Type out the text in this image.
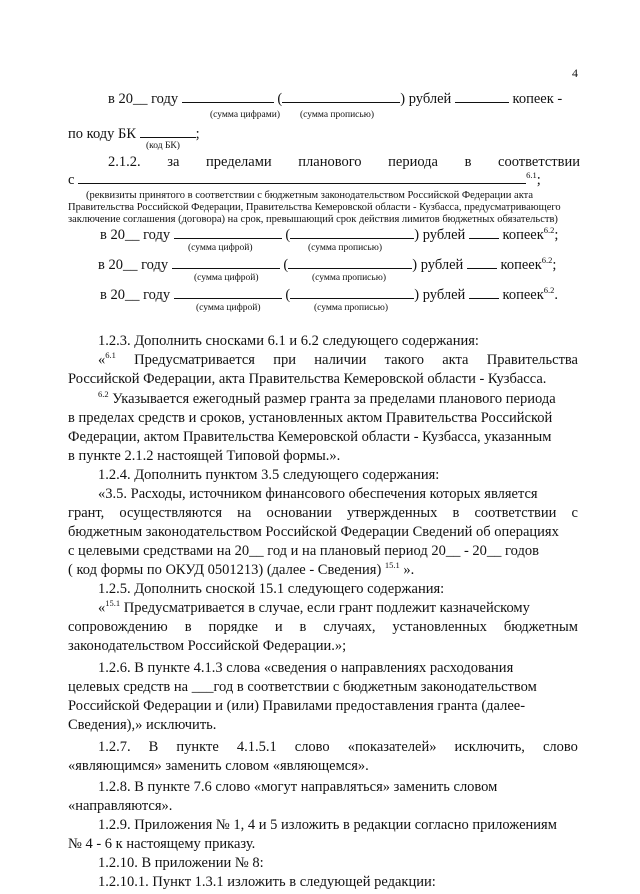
4
в 20__ году	(	) рублей	копеек -
(сумма цифрами) (сумма прописью)
по коду БК	;
(код БК)
2.1.2. за пределами планового периода в соответствии
с	$^{6.1}$;
(реквизиты принятого в соответствии с бюджетным законодательством Российской Федерации акта
Правительства Российской Федерации, Правительства Кемеровской области - Кузбасса, предусматривающего
заключение соглашения (договора) на срок, превышающий срок действия лимитов бюджетных обязательств)
в 20__ году	(	) рублей	копеек$^{6.2}$;
(сумма цифрой)	(сумма прописью)
в 20__ году	(	) рублей	копеек$^{6.2}$;
(сумма цифрой)	(сумма прописью)
в 20__ году	(	) рублей	копеек$^{6.2}$.
(сумма цифрой)	(сумма прописью)
1.2.3. Дополнить сносками 6.1 и 6.2 следующего содержания:
«$^{6.1}$ Предусматривается при наличии такого акта Правительства
Российской Федерации, акта Правительства Кемеровской области - Кузбасса.
$^{6.2}$ Указывается ежегодный размер гранта за пределами планового периода
в пределах средств и сроков, установленных актом Правительства Российской
Федерации, актом Правительства Кемеровской области - Кузбасса, указанным
в пункте 2.1.2 настоящей Типовой формы.».
1.2.4. Дополнить пунктом 3.5 следующего содержания:
«3.5. Расходы, источником финансового обеспечения которых является
грант, осуществляются на основании утвержденных в соответствии с
бюджетным законодательством Российской Федерации Сведений об операциях
с целевыми средствами на 20__ год и на плановый период 20__ - 20__ годов
( код формы по ОКУД 0501213) (далее - Сведения) $^{15.1}$ ».
1.2.5. Дополнить сноской 15.1 следующего содержания:
«$^{15.1}$ Предусматривается в случае, если грант подлежит казначейскому
сопровождению в порядке и в случаях, установленных бюджетным
законодательством Российской Федерации.»;
1.2.6. В пункте 4.1.3 слова «сведения о направлениях расходования
целевых средств на ___год в соответствии с бюджетным законодательством
Российской Федерации и (или) Правилами предоставления гранта (далее-
Сведения),» исключить.
1.2.7. В пункте 4.1.5.1 слово «показателей» исключить, слово
«являющимся» заменить словом «являющемся».
1.2.8. В пункте 7.6 слово «могут направляться» заменить словом
«направляются».
1.2.9. Приложения № 1, 4 и 5 изложить в редакции согласно приложениям
№ 4 - 6 к настоящему приказу.
1.2.10. В приложении № 8:
1.2.10.1. Пункт 1.3.1 изложить в следующей редакции:
